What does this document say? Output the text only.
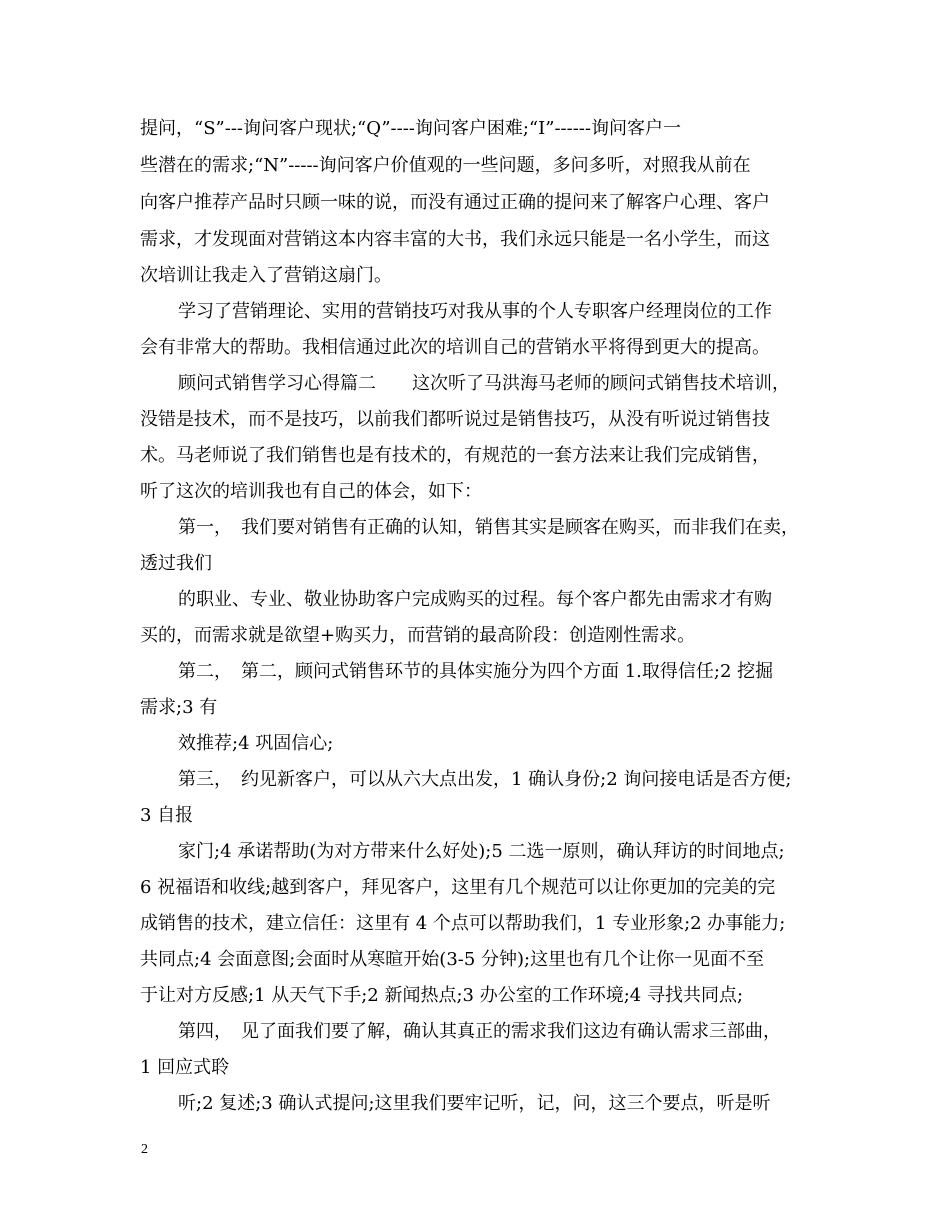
提问，“S”---询问客户现状;“Q”----询问客户困难;“I”------询问客户一
些潜在的需求;“N”-----询问客户价值观的一些问题，多问多听，对照我从前在
向客户推荐产品时只顾一味的说，而没有通过正确的提问来了解客户心理、客户
需求，才发现面对营销这本内容丰富的大书，我们永远只能是一名小学生，而这
次培训让我走入了营销这扇门。
学习了营销理论、实用的营销技巧对我从事的个人专职客户经理岗位的工作
会有非常大的帮助。我相信通过此次的培训自己的营销水平将得到更大的提高。
顾问式销售学习心得篇二　　这次听了马洪海马老师的顾问式销售技术培训，
没错是技术，而不是技巧，以前我们都听说过是销售技巧，从没有听说过销售技
术。马老师说了我们销售也是有技术的，有规范的一套方法来让我们完成销售，
听了这次的培训我也有自己的体会，如下：
第一，　我们要对销售有正确的认知，销售其实是顾客在购买，而非我们在卖，
透过我们
的职业、专业、敬业协助客户完成购买的过程。每个客户都先由需求才有购
买的，而需求就是欲望+购买力，而营销的最高阶段：创造刚性需求。
第二，　第二，顾问式销售环节的具体实施分为四个方面 1.取得信任;2 挖掘
需求;3 有
效推荐;4 巩固信心;
第三，　约见新客户，可以从六大点出发，1 确认身份;2 询问接电话是否方便;
3 自报
家门;4 承诺帮助(为对方带来什么好处);5 二选一原则，确认拜访的时间地点;
6 祝福语和收线;越到客户，拜见客户，这里有几个规范可以让你更加的完美的完
成销售的技术，建立信任：这里有 4 个点可以帮助我们，1 专业形象;2 办事能力;
共同点;4 会面意图;会面时从寒暄开始(3-5 分钟);这里也有几个让你一见面不至
于让对方反感;1 从天气下手;2 新闻热点;3 办公室的工作环境;4 寻找共同点;
第四，　见了面我们要了解，确认其真正的需求我们这边有确认需求三部曲，
1 回应式聆
听;2 复述;3 确认式提问;这里我们要牢记听，记，问，这三个要点，听是听
2
